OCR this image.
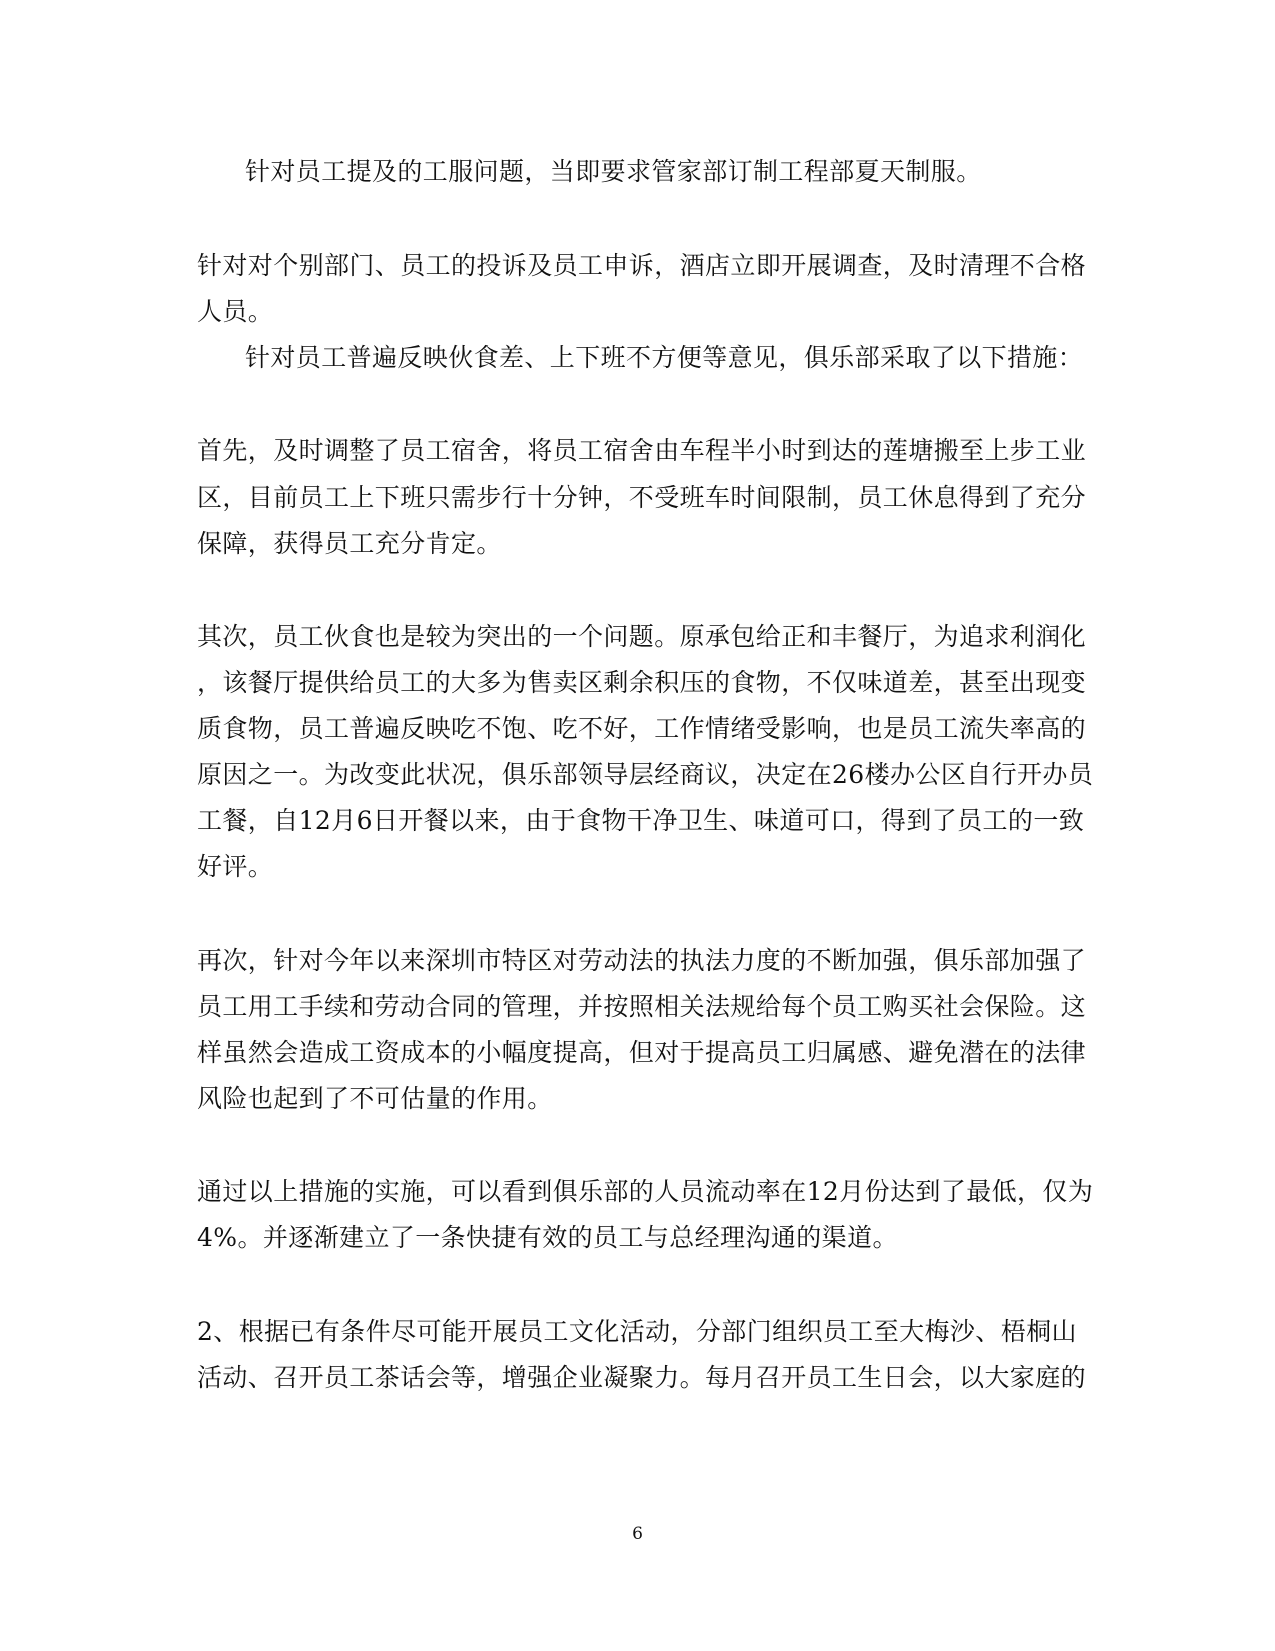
针对员工提及的工服问题，当即要求管家部订制工程部夏天制服。
针对对个别部门、员工的投诉及员工申诉，酒店立即开展调查，及时清理不合格
人员。
针对员工普遍反映伙食差、上下班不方便等意见，俱乐部采取了以下措施：
首先，及时调整了员工宿舍，将员工宿舍由车程半小时到达的莲塘搬至上步工业
区，目前员工上下班只需步行十分钟，不受班车时间限制，员工休息得到了充分
保障，获得员工充分肯定。
其次，员工伙食也是较为突出的一个问题。原承包给正和丰餐厅，为追求利润化
，该餐厅提供给员工的大多为售卖区剩余积压的食物，不仅味道差，甚至出现变
质食物，员工普遍反映吃不饱、吃不好，工作情绪受影响，也是员工流失率高的
原因之一。为改变此状况，俱乐部领导层经商议，决定在26楼办公区自行开办员
工餐，自12月6日开餐以来，由于食物干净卫生、味道可口，得到了员工的一致
好评。
再次，针对今年以来深圳市特区对劳动法的执法力度的不断加强，俱乐部加强了
员工用工手续和劳动合同的管理，并按照相关法规给每个员工购买社会保险。这
样虽然会造成工资成本的小幅度提高，但对于提高员工归属感、避免潜在的法律
风险也起到了不可估量的作用。
通过以上措施的实施，可以看到俱乐部的人员流动率在12月份达到了最低，仅为
4%。并逐渐建立了一条快捷有效的员工与总经理沟通的渠道。
2、根据已有条件尽可能开展员工文化活动，分部门组织员工至大梅沙、梧桐山
活动、召开员工茶话会等，增强企业凝聚力。每月召开员工生日会，以大家庭的
6
